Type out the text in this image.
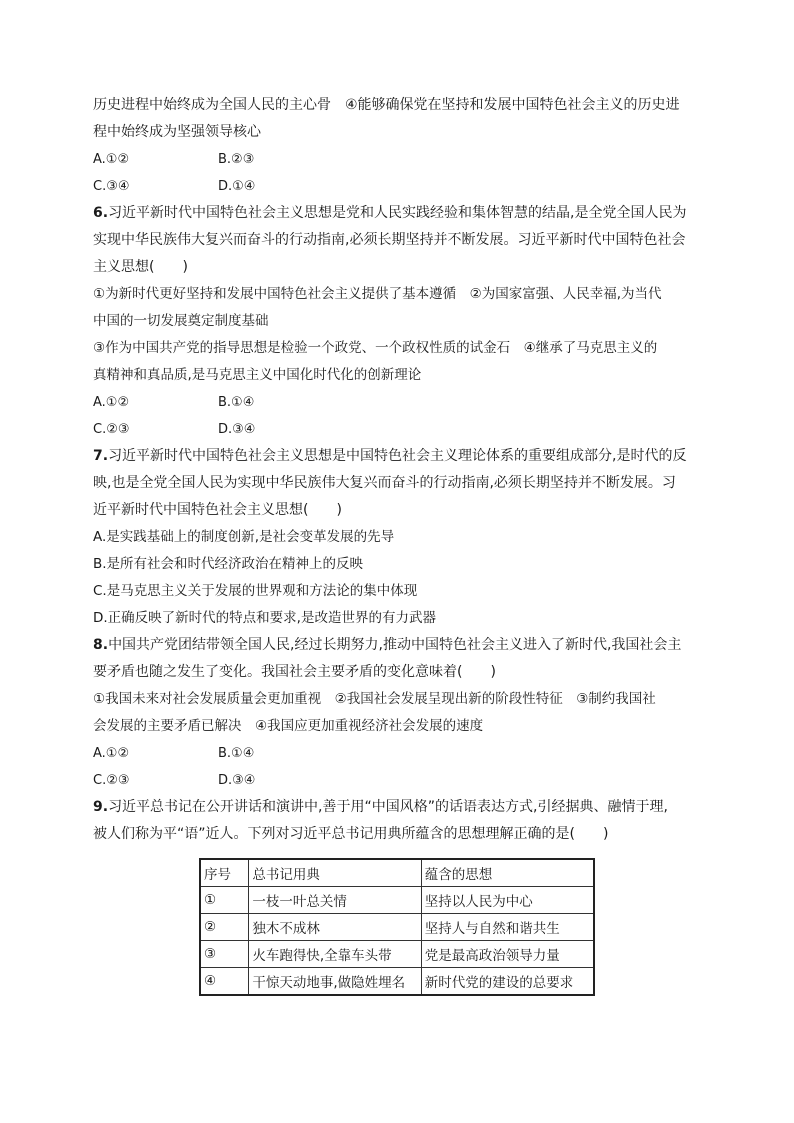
历史进程中始终成为全国人民的主心骨　④能够确保党在坚持和发展中国特色社会主义的历史进
程中始终成为坚强领导核心
A.①②	B.②③
C.③④	D.①④
6.习近平新时代中国特色社会主义思想是党和人民实践经验和集体智慧的结晶,是全党全国人民为
实现中华民族伟大复兴而奋斗的行动指南,必须长期坚持并不断发展。习近平新时代中国特色社会
主义思想(　　)
①为新时代更好坚持和发展中国特色社会主义提供了基本遵循　②为国家富强、人民幸福,为当代
中国的一切发展奠定制度基础
③作为中国共产党的指导思想是检验一个政党、一个政权性质的试金石　④继承了马克思主义的
真精神和真品质,是马克思主义中国化时代化的创新理论
A.①②	B.①④
C.②③	D.③④
7.习近平新时代中国特色社会主义思想是中国特色社会主义理论体系的重要组成部分,是时代的反
映,也是全党全国人民为实现中华民族伟大复兴而奋斗的行动指南,必须长期坚持并不断发展。习
近平新时代中国特色社会主义思想(　　)
A.是实践基础上的制度创新,是社会变革发展的先导
B.是所有社会和时代经济政治在精神上的反映
C.是马克思主义关于发展的世界观和方法论的集中体现
D.正确反映了新时代的特点和要求,是改造世界的有力武器
8.中国共产党团结带领全国人民,经过长期努力,推动中国特色社会主义进入了新时代,我国社会主
要矛盾也随之发生了变化。我国社会主要矛盾的变化意味着(　　)
①我国未来对社会发展质量会更加重视　②我国社会发展呈现出新的阶段性特征　③制约我国社
会发展的主要矛盾已解决　④我国应更加重视经济社会发展的速度
A.①②	B.①④
C.②③	D.③④
9.习近平总书记在公开讲话和演讲中,善于用“中国风格”的话语表达方式,引经据典、融情于理,
被人们称为平“语”近人。下列对习近平总书记用典所蕴含的思想理解正确的是(　　)
序号	总书记用典	蕴含的思想
①	一枝一叶总关情	坚持以人民为中心
②	独木不成林	坚持人与自然和谐共生
③	火车跑得快,全靠车头带	党是最高政治领导力量
④	干惊天动地事,做隐姓埋名	新时代党的建设的总要求
